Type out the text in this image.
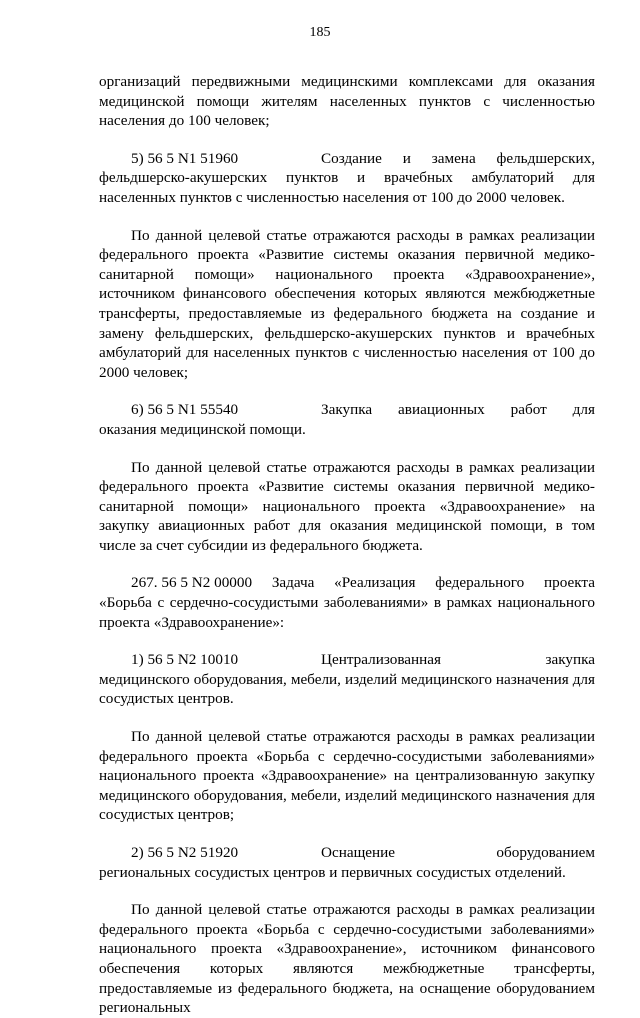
185
организаций передвижными медицинскими комплексами для оказания медицинской помощи жителям населенных пунктов с численностью населения до 100 человек;
5) 56 5 N1 51960	Создание и замена фельдшерских,
фельдшерско-акушерских пунктов и врачебных амбулаторий для населенных пунктов с численностью населения от 100 до 2000 человек.
По данной целевой статье отражаются расходы в рамках реализации федерального проекта «Развитие системы оказания первичной медико-санитарной помощи» национального проекта «Здравоохранение», источником финансового обеспечения которых являются межбюджетные трансферты, предоставляемые из федерального бюджета на создание и замену фельдшерских, фельдшерско-акушерских пунктов и врачебных амбулаторий для населенных пунктов с численностью населения от 100 до 2000 человек;
6) 56 5 N1 55540	Закупка авиационных работ для
оказания медицинской помощи.
По данной целевой статье отражаются расходы в рамках реализации федерального проекта «Развитие системы оказания первичной медико-санитарной помощи» национального проекта «Здравоохранение» на закупку авиационных работ для оказания медицинской помощи, в том числе за счет субсидии из федерального бюджета.
267. 56 5 N2 00000 Задача «Реализация федерального проекта
«Борьба с сердечно-сосудистыми заболеваниями» в рамках национального проекта «Здравоохранение»:
1) 56 5 N2 10010	Централизованная	закупка
медицинского оборудования, мебели, изделий медицинского назначения для сосудистых центров.
По данной целевой статье отражаются расходы в рамках реализации федерального проекта «Борьба с сердечно-сосудистыми заболеваниями» национального проекта «Здравоохранение» на централизованную закупку медицинского оборудования, мебели, изделий медицинского назначения для сосудистых центров;
2) 56 5 N2 51920	Оснащение	оборудованием
региональных сосудистых центров и первичных сосудистых отделений.
По данной целевой статье отражаются расходы в рамках реализации федерального проекта «Борьба с сердечно-сосудистыми заболеваниями» национального проекта «Здравоохранение», источником финансового обеспечения которых являются межбюджетные трансферты, предоставляемые из федерального бюджета, на оснащение оборудованием региональных
